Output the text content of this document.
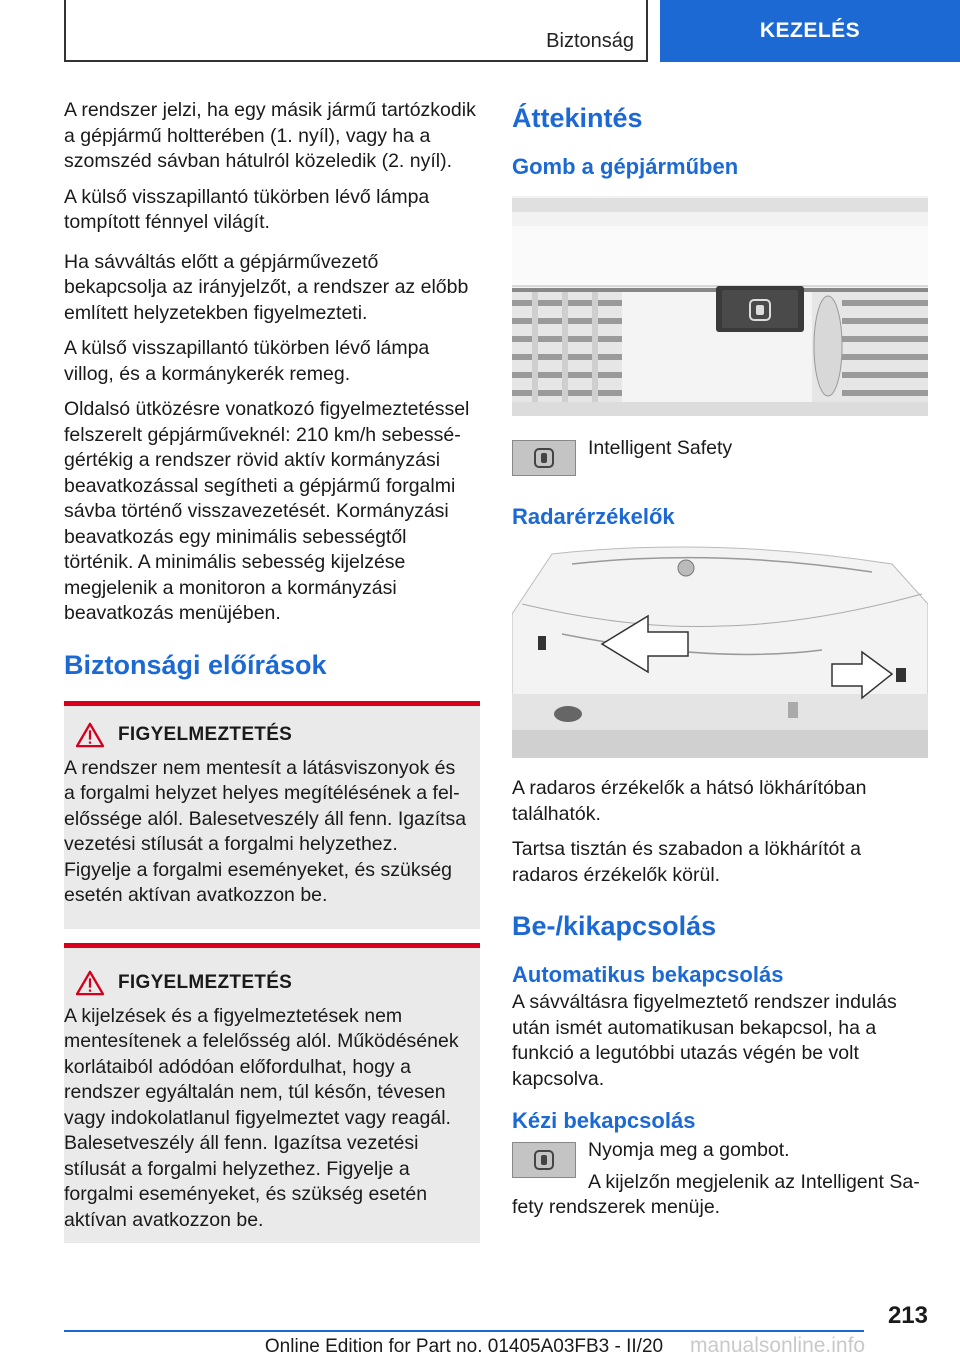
Biztonság	KEZELÉS

A rendszer jelzi, ha egy másik jármű tartózkodik a gépjármű holtterében (1. nyíl), vagy ha a szomszéd sávban hátulról közeledik (2. nyíl).

A külső visszapillantó tükörben lévő lámpa tompított fénnyel világít.

Ha sávváltás előtt a gépjárművezető bekapcsolja az irányjelzőt, a rendszer az előbb említett helyzetekben figyelmezteti.

A külső visszapillantó tükörben lévő lámpa villog, és a kormánykerék remeg.

Oldalsó ütközésre vonatkozó figyelmeztetéssel felszerelt gépjárműveknél: 210 km/h sebességértékig a rendszer rövid aktív kormányzási beavatkozással segítheti a gépjármű forgalmi sávba történő visszavezetését. Kormányzási beavatkozás egy minimális sebességtől történik. A minimális sebesség kijelzése megjelenik a monitoron a kormányzási beavatkozás menüjében.

Biztonsági előírások
FIGYELMEZTETÉS

A rendszer nem mentesít a látásviszonyok és a forgalmi helyzet helyes megítélésének a felelőssége alól. Balesetveszély áll fenn. Igazítsa vezetési stílusát a forgalmi helyzethez. Figyelje a forgalmi eseményeket, és szükség esetén aktívan avatkozzon be.

FIGYELMEZTETÉS

A kijelzések és a figyelmeztetések nem mentesítenek a felelősség alól. Működésének korlátaiból adódóan előfordulhat, hogy a rendszer egyáltalán nem, túl későn, tévesen vagy indokolatlanul figyelmeztet vagy reagál. Balesetveszély áll fenn. Igazítsa vezetési stílusát a forgalmi helyzethez. Figyelje a forgalmi eseményeket, és szükség esetén aktívan avatkozzon be.

Áttekintés
Gomb a gépjárműben
Intelligent Safety
Radarérzékelők

A radaros érzékelők a hátsó lökhárítóban találhatók.

Tartsa tisztán és szabadon a lökhárítót a radaros érzékelők körül.

Be-/kikapcsolás
Automatikus bekapcsolás

A sávváltásra figyelmeztető rendszer indulás után ismét automatikusan bekapcsol, ha a funkció a legutóbbi utazás végén be volt kapcsolva.

Kézi bekapcsolás

Nyomja meg a gombot.

A kijelzőn megjelenik az Intelligent Safety rendszerek menüje.

213
Online Edition for Part no. 01405A03FB3 - II/20	manualsonline.info
